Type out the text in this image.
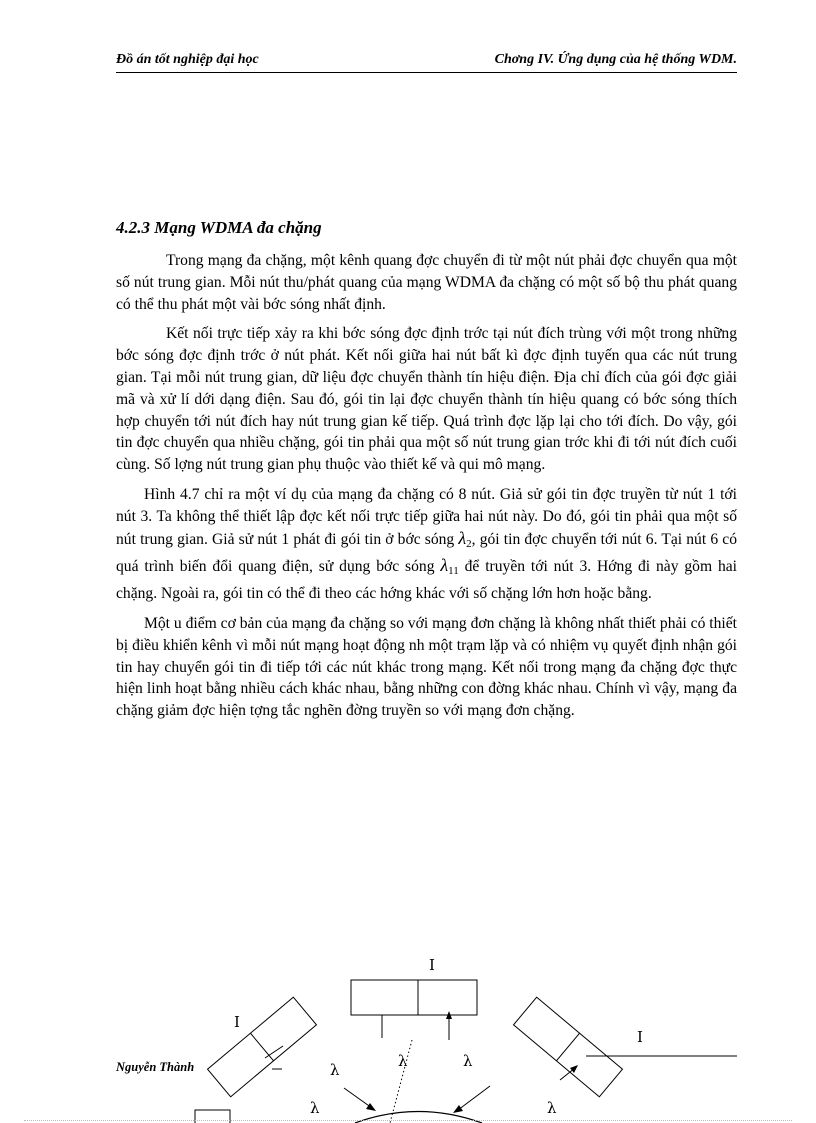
Đồ án tốt nghiệp đại học	Chơng IV. Ứng dụng của hệ thống WDM.
4.2.3 Mạng WDMA đa chặng

Trong mạng đa chặng, một kênh quang đợc chuyển đi từ một nút phải đợc chuyển qua một số nút trung gian. Mỗi nút thu/phát quang của mạng WDMA đa chặng có một số bộ thu phát quang có thể thu phát một vài bớc sóng nhất định.

Kết nối trực tiếp xảy ra khi bớc sóng đợc định trớc tại nút đích trùng với một trong những bớc sóng đợc định trớc ở nút phát. Kết nối giữa hai nút bất kì đợc định tuyến qua các nút trung gian. Tại mỗi nút trung gian, dữ liệu đợc chuyển thành tín hiệu điện. Địa chỉ đích của gói đợc giải mã và xử lí dới dạng điện. Sau đó, gói tin lại đợc chuyển thành tín hiệu quang có bớc sóng thích hợp chuyển tới nút đích hay nút trung gian kế tiếp. Quá trình đợc lặp lại cho tới đích. Do vậy, gói tin đợc chuyển qua nhiều chặng, gói tin phải qua một số nút trung gian trớc khi đi tới nút đích cuối cùng. Số lợng nút trung gian phụ thuộc vào thiết kế và qui mô mạng.

Hình 4.7 chỉ ra một ví dụ của mạng đa chặng có 8 nút. Giả sử gói tin đợc truyền từ nút 1 tới nút 3. Ta không thể thiết lập đợc kết nối trực tiếp giữa hai nút này. Do đó, gói tin phải qua một số nút trung gian. Giả sử nút 1 phát đi gói tin ở bớc sóng $\lambda_2$, gói tin đợc chuyển tới nút 6. Tại nút 6 có quá trình biến đổi quang điện, sử dụng bớc sóng $\lambda_{11}$ để truyền tới nút 3. Hớng đi này gồm hai chặng. Ngoài ra, gói tin có thể đi theo các hớng khác với số chặng lớn hơn hoặc bằng.

Một u điểm cơ bản của mạng đa chặng so với mạng đơn chặng là không nhất thiết phải có thiết bị điều khiển kênh vì mỗi nút mạng hoạt động nh một trạm lặp và có nhiệm vụ quyết định nhận gói tin hay chuyển gói tin đi tiếp tới các nút khác trong mạng. Kết nối trong mạng đa chặng đợc thực hiện linh hoạt bằng nhiều cách khác nhau, bằng những con đờng khác nhau. Chính vì vậy, mạng đa chặng giảm đợc hiện tợng tắc nghẽn đờng truyền so với mạng đơn chặng.

Ι
Ι
Ι
λ	λ	λ
λ	λ
Nguyễn Thành
